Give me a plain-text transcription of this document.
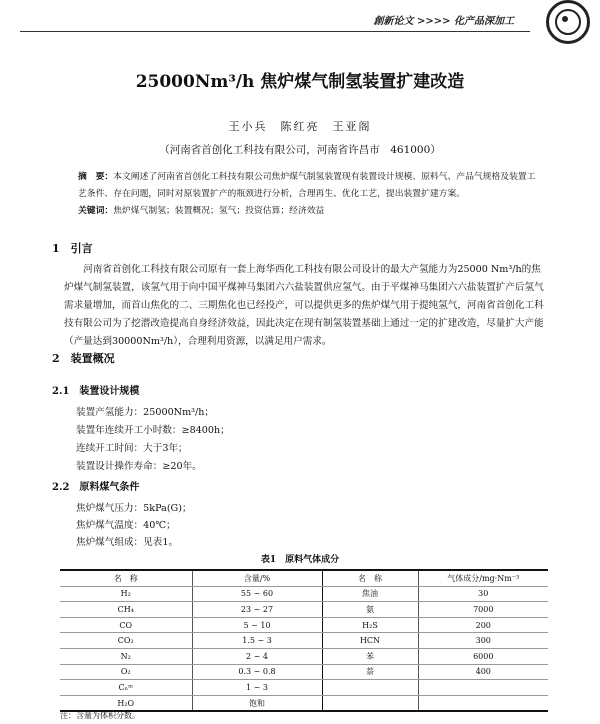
創新论文 >>>> 化产品深加工
25000Nm³/h 焦炉煤气制氢装置扩建改造
王小兵　陈红亮　王亚阁
（河南省首创化工科技有限公司，河南省许昌市　461000）
摘　要：本文阐述了河南省首创化工科技有限公司焦炉煤气制氢装置现有装置设计规模、原料气、产品气规格及装置工艺条件、存在问题，同时对原装置扩产的瓶颈进行分析，合理再生、优化工艺，提出装置扩建方案。
关键词：焦炉煤气制氢；装置概况；氢气；投资估算；经济效益
1　引言
河南省首创化工科技有限公司原有一套上海华西化工科技有限公司设计的最大产氢能力为25000 Nm³/h的焦炉煤气制氢装置，该氢气用于向中国平煤神马集团六六盐装置供应氢气。由于平煤神马集团六六盐装置扩产后氢气需求量增加，而首山焦化的二、三期焦化也已经投产，可以提供更多的焦炉煤气用于提纯氢气，河南省首创化工科技有限公司为了挖潜改造提高自身经济效益，因此决定在现有制氢装置基础上通过一定的扩建改造，尽量扩大产能（产量达到30000Nm³/h），合理利用资源，以满足用户需求。
2　装置概况
2.1　装置设计规模
装置产氢能力：25000Nm³/h；
装置年连续开工小时数：≥8400h；
连续开工时间：大于3年；
装置设计操作寿命：≥20年。
2.2　原料煤气条件
焦炉煤气压力：5kPa(G)；
焦炉煤气温度：40℃；
焦炉煤气组成：见表1。
表1　原料气体成分
名　称	含量/%	名　称	气体成分/mg·Nm⁻³
H₂	55 ~ 60	焦油	30
CH₄	23 ~ 27	氨	7000
CO	5 ~ 10	H₂S	200
CO₂	1.5 ~ 3	HCN	300
N₂	2 ~ 4	苯	6000
O₂	0.3 ~ 0.8	萘	400
Cₙᵐ	1 ~ 3		
H₂O	饱和		
注：含量为体积分数。
